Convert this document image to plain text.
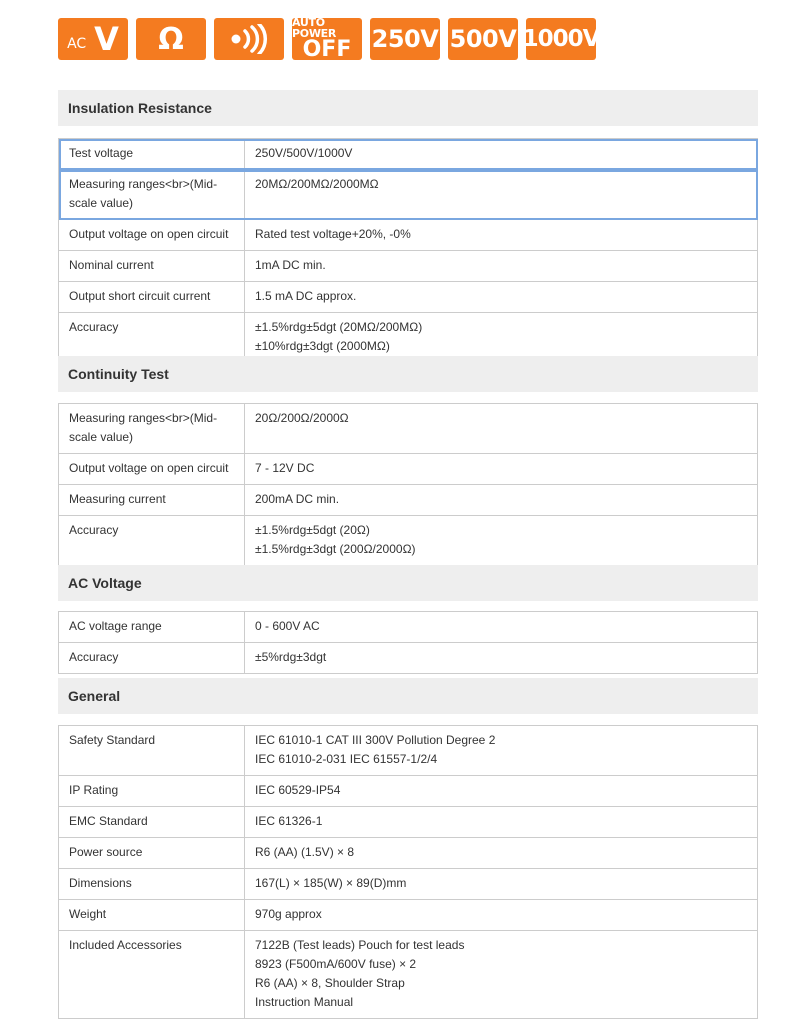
AC V Ω	AUTO POWER
OFF 250V 500V 1000V
Insulation Resistance
Test voltage	250V/500V/1000V

Measuring ranges<br>(Mid-scale value)	20MΩ/200MΩ/2000MΩ

Output voltage on open circuit	Rated test voltage+20%, -0%

Nominal current	1mA DC min.

Output short circuit current	1.5 mA DC approx.

Accuracy	±1.5%rdg±5dgt (20MΩ/200MΩ)
±10%rdg±3dgt (2000MΩ)
Continuity Test
Measuring ranges<br>(Mid-scale value)	20Ω/200Ω/2000Ω

Output voltage on open circuit	7 - 12V DC

Measuring current	200mA DC min.

Accuracy	±1.5%rdg±5dgt (20Ω)
±1.5%rdg±3dgt (200Ω/2000Ω)
AC Voltage
AC voltage range	0 - 600V AC

Accuracy	±5%rdg±3dgt
General
Safety Standard	IEC 61010-1 CAT III 300V Pollution Degree 2
IEC 61010-2-031 IEC 61557-1/2/4

IP Rating	IEC 60529-IP54

EMC Standard	IEC 61326-1

Power source	R6 (AA) (1.5V) × 8

Dimensions	167(L) × 185(W) × 89(D)mm

Weight	970g approx

Included Accessories	7122B (Test leads) Pouch for test leads
8923 (F500mA/600V fuse) × 2
R6 (AA) × 8, Shoulder Strap
Instruction Manual
